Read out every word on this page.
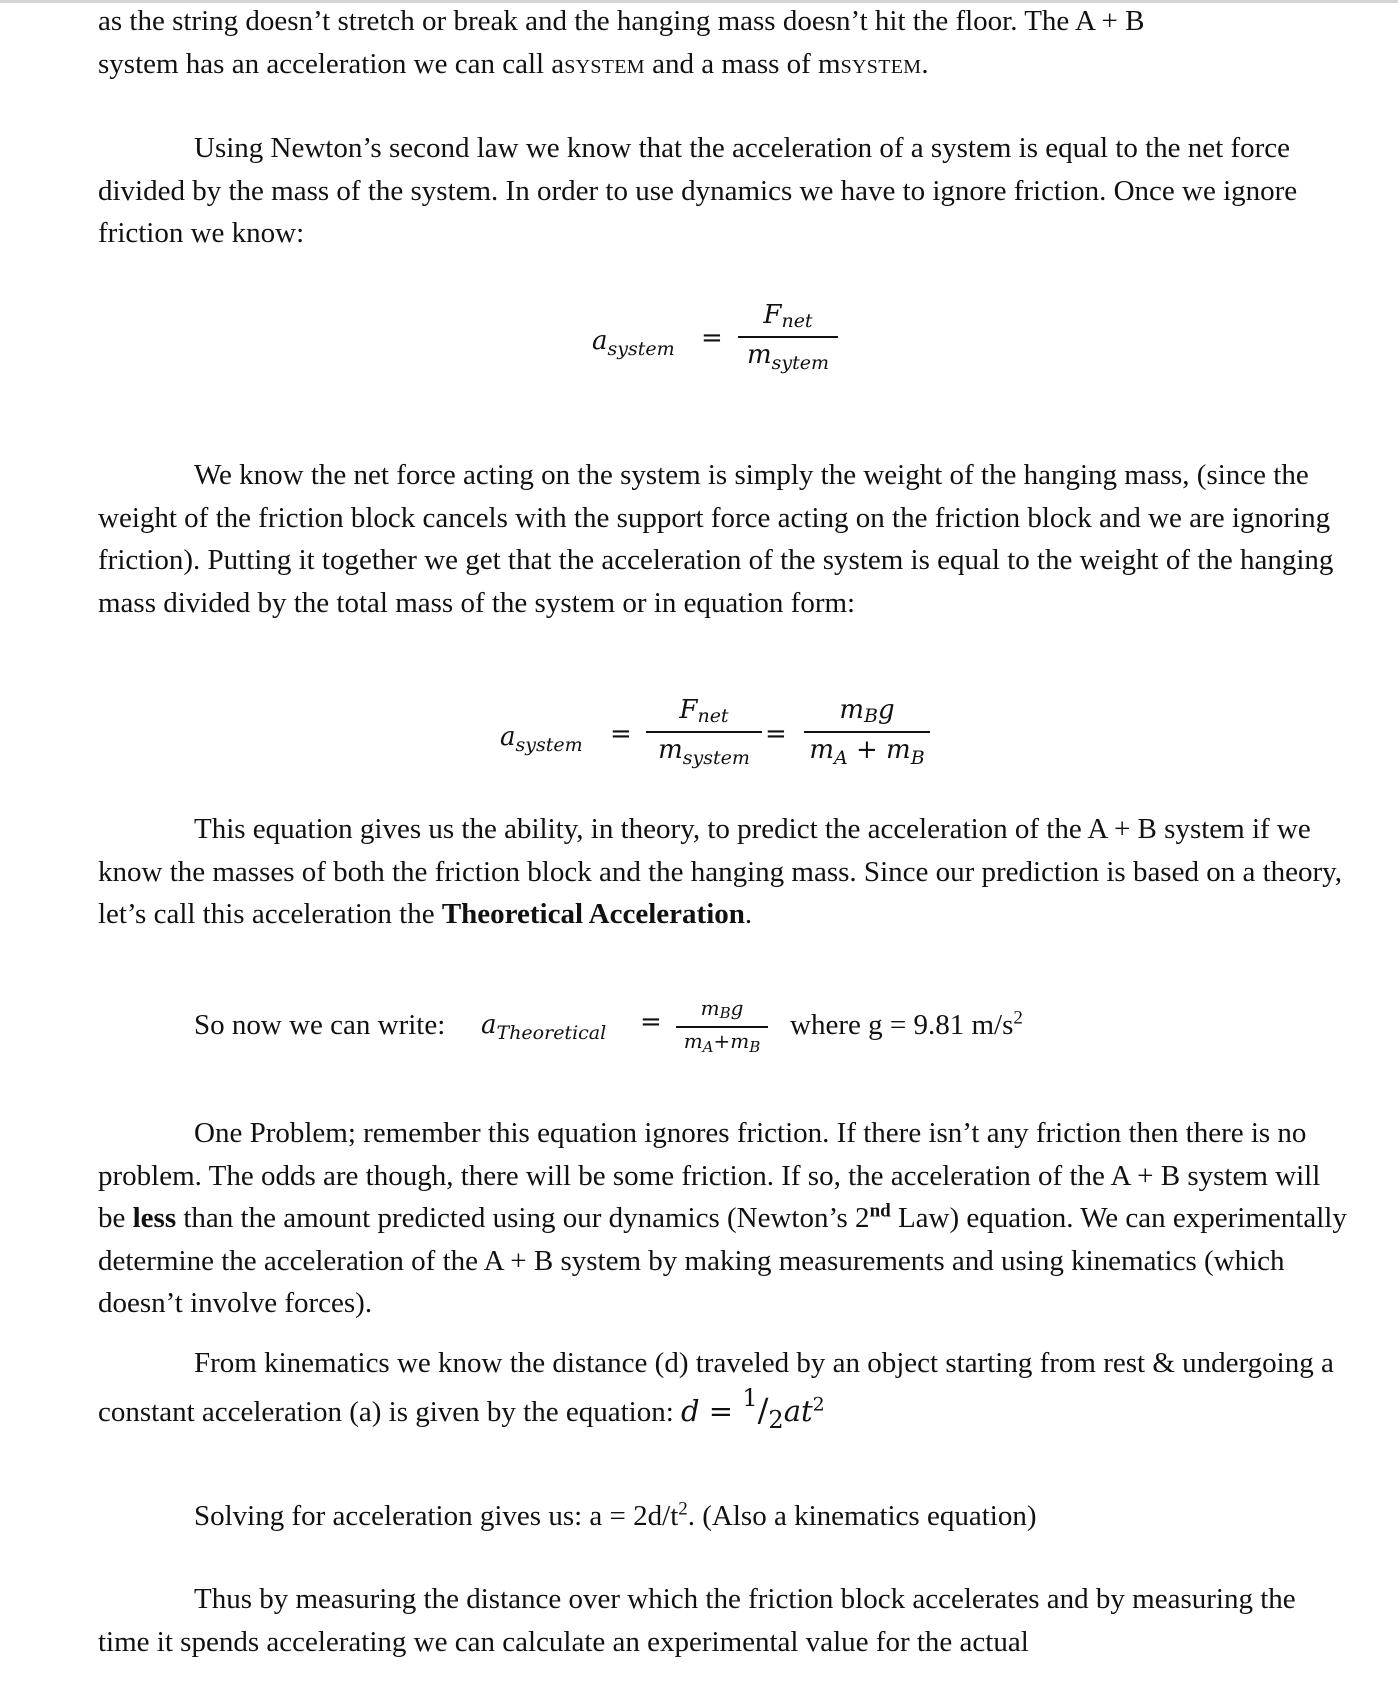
as the string doesn’t stretch or break and the hanging mass doesn’t hit the floor. The A + B
system has an acceleration we can call aSYSTEM and a mass of mSYSTEM.

Using Newton’s second law we know that the acceleration of a system is equal to the net force divided by the mass of the system. In order to use dynamics we have to ignore friction. Once we ignore friction we know:

$a_{system}$ =
Fnet
$m_{sytem}$

We know the net force acting on the system is simply the weight of the hanging mass, (since the weight of the friction block cancels with the support force acting on the friction block and we are ignoring friction). Putting it together we get that the acceleration of the system is equal to the weight of the hanging mass divided by the total mass of the system or in equation form:

$a_{system}$ =
Fnet
$m_{system}$
=
mBg
$m_A + m_B$

This equation gives us the ability, in theory, to predict the acceleration of the A + B system if we know the masses of both the friction block and the hanging mass. Since our prediction is based on a theory, let’s call this acceleration the Theoretical Acceleration.

So now we can write: $a_{Theoretical}$ =	mBg
$m_A+m_B$
where g = 9.81 $m/s^2$

One Problem; remember this equation ignores friction. If there isn’t any friction then there is no problem. The odds are though, there will be some friction. If so, the acceleration of the A + B system will be less than the amount predicted using our dynamics (Newton’s 2nd Law) equation. We can experimentally determine the acceleration of the A + B system by making measurements and using kinematics (which doesn’t involve forces).

From kinematics we know the distance (d) traveled by an object starting from rest & undergoing a constant acceleration (a) is given by the equation: $d = ^1/_2at^2$

Solving for acceleration gives us: $a = 2d/t^2$. (Also a kinematics equation)

Thus by measuring the distance over which the friction block accelerates and by measuring the time it spends accelerating we can calculate an experimental value for the actual
